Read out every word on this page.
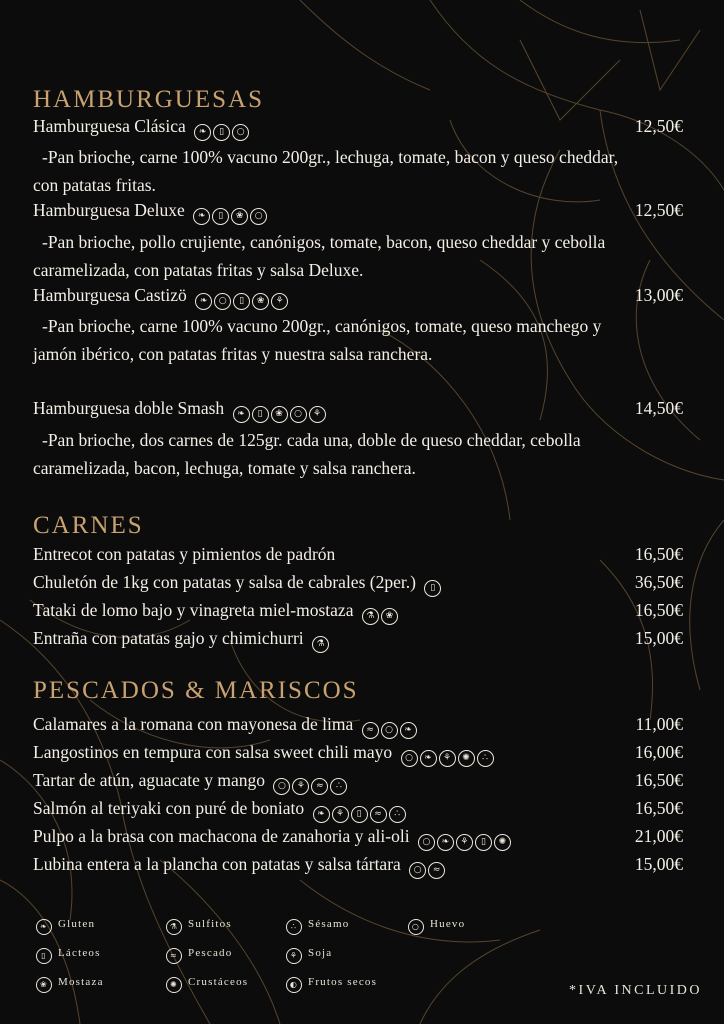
HAMBURGUESAS
Hamburguesa Clásica ❧ ▯ ○	12,50€
-Pan brioche, carne 100% vacuno 200gr., lechuga, tomate, bacon y queso cheddar, con patatas fritas.
Hamburguesa Deluxe ❧ ▯ ❀ ○	12,50€
-Pan brioche, pollo crujiente, canónigos, tomate, bacon, queso cheddar y cebolla caramelizada, con patatas fritas y salsa Deluxe.
Hamburguesa Castizö ❧ ○ ▯ ❀ ⚘	13,00€
-Pan brioche, carne 100% vacuno 200gr., canónigos, tomate, queso manchego y jamón ibérico, con patatas fritas y nuestra salsa ranchera.
Hamburguesa doble Smash ❧ ▯ ❀ ○ ⚘	14,50€
-Pan brioche, dos carnes de 125gr. cada una, doble de queso cheddar, cebolla caramelizada, bacon, lechuga, tomate y salsa ranchera.
CARNES
Entrecot con patatas y pimientos de padrón	16,50€
Chuletón de 1kg con patatas y salsa de cabrales (2per.) ▯	36,50€
Tataki de lomo bajo y vinagreta miel-mostaza ⚗ ❀	16,50€
Entraña con patatas gajo y chimichurri ⚗	15,00€
PESCADOS & MARISCOS
Calamares a la romana con mayonesa de lima ≈ ○ ❧	11,00€
Langostinos en tempura con salsa sweet chili mayo ○ ❧ ⚘ ✺ ∴	16,00€
Tartar de atún, aguacate y mango ○ ⚘ ≈ ∴	16,50€
Salmón al teriyaki con puré de boniato ❧ ⚘ ▯ ≈ ∴	16,50€
Pulpo a la brasa con machacona de zanahoria y ali-oli ○ ❧ ⚘ ▯ ✺	21,00€
Lubina entera a la plancha con patatas y salsa tártara ○ ≈	15,00€
❧ Gluten	⚗ Sulfitos	∴ Sésamo	○ Huevo
▯ Lácteos	≈ Pescado	⚘ Soja
❀ Mostaza	✺ Crustáceos	◐ Frutos secos
*IVA INCLUIDO
